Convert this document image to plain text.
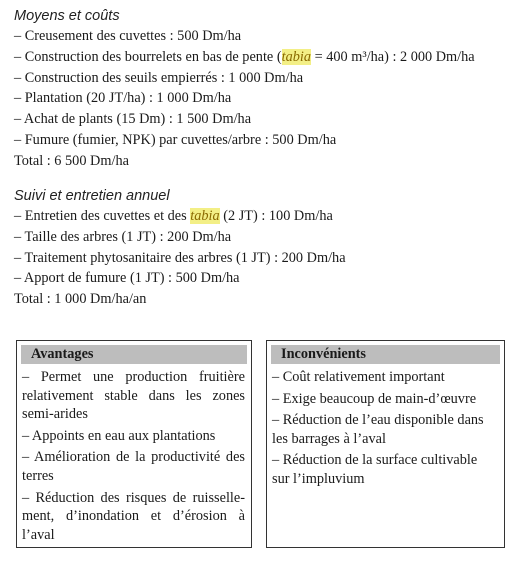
Moyens et coûts

– Creusement des cuvettes : 500 Dm/ha

– Construction des bourrelets en bas de pente (tabia = 400 m³/ha) : 2 000 Dm/ha

– Construction des seuils empierrés : 1 000 Dm/ha

– Plantation (20 JT/ha) : 1 000 Dm/ha

– Achat de plants (15 Dm) : 1 500 Dm/ha

– Fumure (fumier, NPK) par cuvettes/arbre : 500 Dm/ha

Total : 6 500 Dm/ha

Suivi et entretien annuel

– Entretien des cuvettes et des tabia (2 JT) : 100 Dm/ha

– Taille des arbres (1 JT) : 200 Dm/ha

– Traitement phytosanitaire des arbres (1 JT) : 200 Dm/ha

– Apport de fumure (1 JT) : 500 Dm/ha

Total : 1 000 Dm/ha/an

Avantages

– Permet une production fruitière relativement stable dans les zones semi-arides

– Appoints en eau aux plantations

– Amélioration de la productivité des terres

– Réduction des risques de ruisselle-ment, d’inondation et d’érosion à l’aval

Inconvénients

– Coût relativement important

– Exige beaucoup de main-d’œuvre

– Réduction de l’eau disponible dans les barrages à l’aval

– Réduction de la surface cultivable sur l’impluvium
